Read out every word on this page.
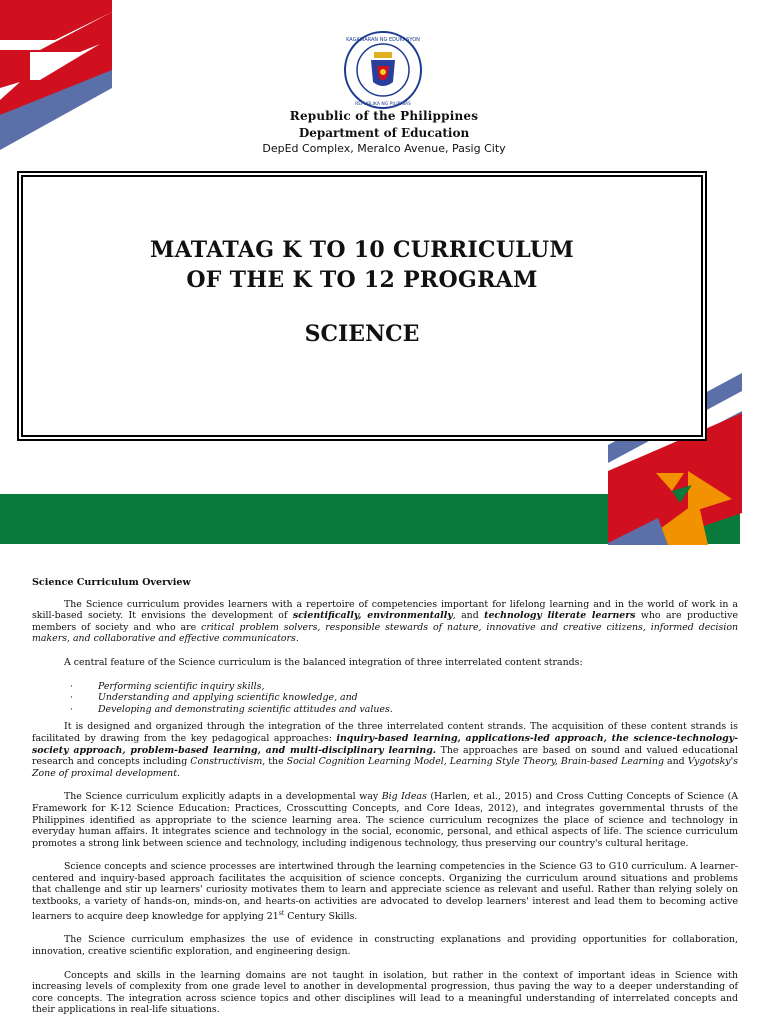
KAGAWARAN NG EDUKASYON
REPUBLIKA NG PILIPINAS
Republic of the Philippines
Department of Education
DepEd Complex, Meralco Avenue, Pasig City
MATATAG K TO 10 CURRICULUM
OF THE K TO 12 PROGRAM
SCIENCE
Science Curriculum Overview

The Science curriculum provides learners with a repertoire of competencies important for lifelong learning and in the world of work in a skill-based society. It envisions the development of scientifically, environmentally, and technology literate learners who are productive members of society and who are critical problem solvers, responsible stewards of nature, innovative and creative citizens, informed decision makers, and collaborative and effective communicators.

A central feature of the Science curriculum is the balanced integration of three interrelated content strands:

· Performing scientific inquiry skills,
· Understanding and applying scientific knowledge, and
· Developing and demonstrating scientific attitudes and values.

It is designed and organized through the integration of the three interrelated content strands. The acquisition of these content strands is facilitated by drawing from the key pedagogical approaches: inquiry-based learning, applications-led approach, the science-technology-society approach, problem-based learning, and multi-disciplinary learning. The approaches are based on sound and valued educational research and concepts including Constructivism, the Social Cognition Learning Model, Learning Style Theory, Brain-based Learning and Vygotsky's Zone of proximal development.

The Science curriculum explicitly adapts in a developmental way Big Ideas (Harlen, et al., 2015) and Cross Cutting Concepts of Science (A Framework for K-12 Science Education: Practices, Crosscutting Concepts, and Core Ideas, 2012), and integrates governmental thrusts of the Philippines identified as appropriate to the science learning area. The science curriculum recognizes the place of science and technology in everyday human affairs. It integrates science and technology in the social, economic, personal, and ethical aspects of life. The science curriculum promotes a strong link between science and technology, including indigenous technology, thus preserving our country's cultural heritage.

Science concepts and science processes are intertwined through the learning competencies in the Science G3 to G10 curriculum. A learner-centered and inquiry-based approach facilitates the acquisition of science concepts. Organizing the curriculum around situations and problems that challenge and stir up learners' curiosity motivates them to learn and appreciate science as relevant and useful. Rather than relying solely on textbooks, a variety of hands-on, minds-on, and hearts-on activities are advocated to develop learners' interest and lead them to becoming active learners to acquire deep knowledge for applying 21st Century Skills.

The Science curriculum emphasizes the use of evidence in constructing explanations and providing opportunities for collaboration, innovation, creative scientific exploration, and engineering design.

Concepts and skills in the learning domains are not taught in isolation, but rather in the context of important ideas in Science with increasing levels of complexity from one grade level to another in developmental progression, thus paving the way to a deeper understanding of core concepts. The integration across science topics and other disciplines will lead to a meaningful understanding of interrelated concepts and their applications in real-life situations.
